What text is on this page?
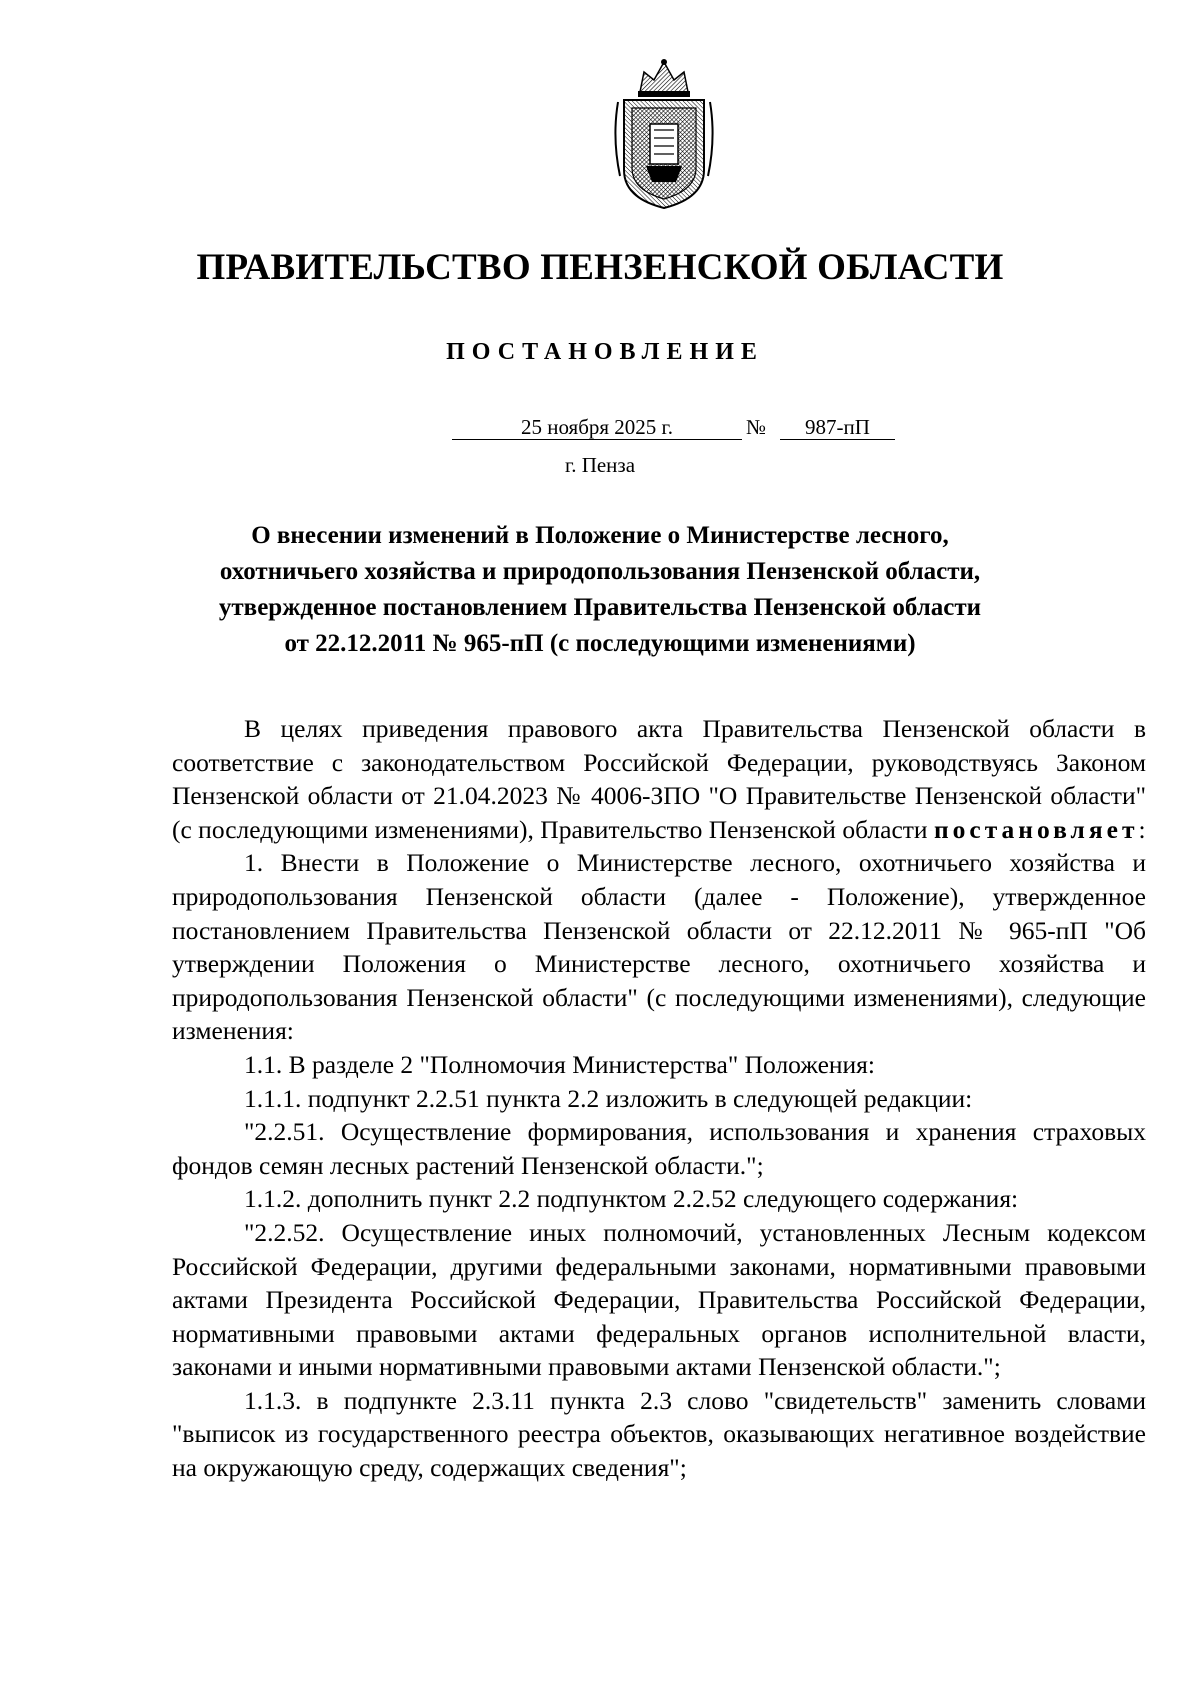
ПРАВИТЕЛЬСТВО ПЕНЗЕНСКОЙ ОБЛАСТИ
ПОСТАНОВЛЕНИЕ
25 ноября 2025 г.	№	987-пП
г. Пенза
О внесении изменений в Положение о Министерстве лесного,
охотничьего хозяйства и природопользования Пензенской области,
утвержденное постановлением Правительства Пензенской области
от 22.12.2011 № 965-пП (с последующими изменениями)

В целях приведения правового акта Правительства Пензенской области в соответствие с законодательством Российской Федерации, руководствуясь Законом Пензенской области от 21.04.2023 № 4006-ЗПО "О Правительстве Пензенской области" (с последующими изменениями), Правительство Пензенской области постановляет:

1. Внести в Положение о Министерстве лесного, охотничьего хозяйства и природопользования Пензенской области (далее - Положение), утвержденное постановлением Правительства Пензенской области от 22.12.2011 № 965-пП "Об утверждении Положения о Министерстве лесного, охотничьего хозяйства и природопользования Пензенской области" (с последующими изменениями), следующие изменения:

1.1. В разделе 2 "Полномочия Министерства" Положения:

1.1.1. подпункт 2.2.51 пункта 2.2 изложить в следующей редакции:

"2.2.51. Осуществление формирования, использования и хранения страховых фондов семян лесных растений Пензенской области.";

1.1.2. дополнить пункт 2.2 подпунктом 2.2.52 следующего содержания:

"2.2.52. Осуществление иных полномочий, установленных Лесным кодексом Российской Федерации, другими федеральными законами, нормативными правовыми актами Президента Российской Федерации, Правительства Российской Федерации, нормативными правовыми актами федеральных органов исполнительной власти, законами и иными нормативными правовыми актами Пензенской области.";

1.1.3. в подпункте 2.3.11 пункта 2.3 слово "свидетельств" заменить словами "выписок из государственного реестра объектов, оказывающих негативное воздействие на окружающую среду, содержащих сведения";
